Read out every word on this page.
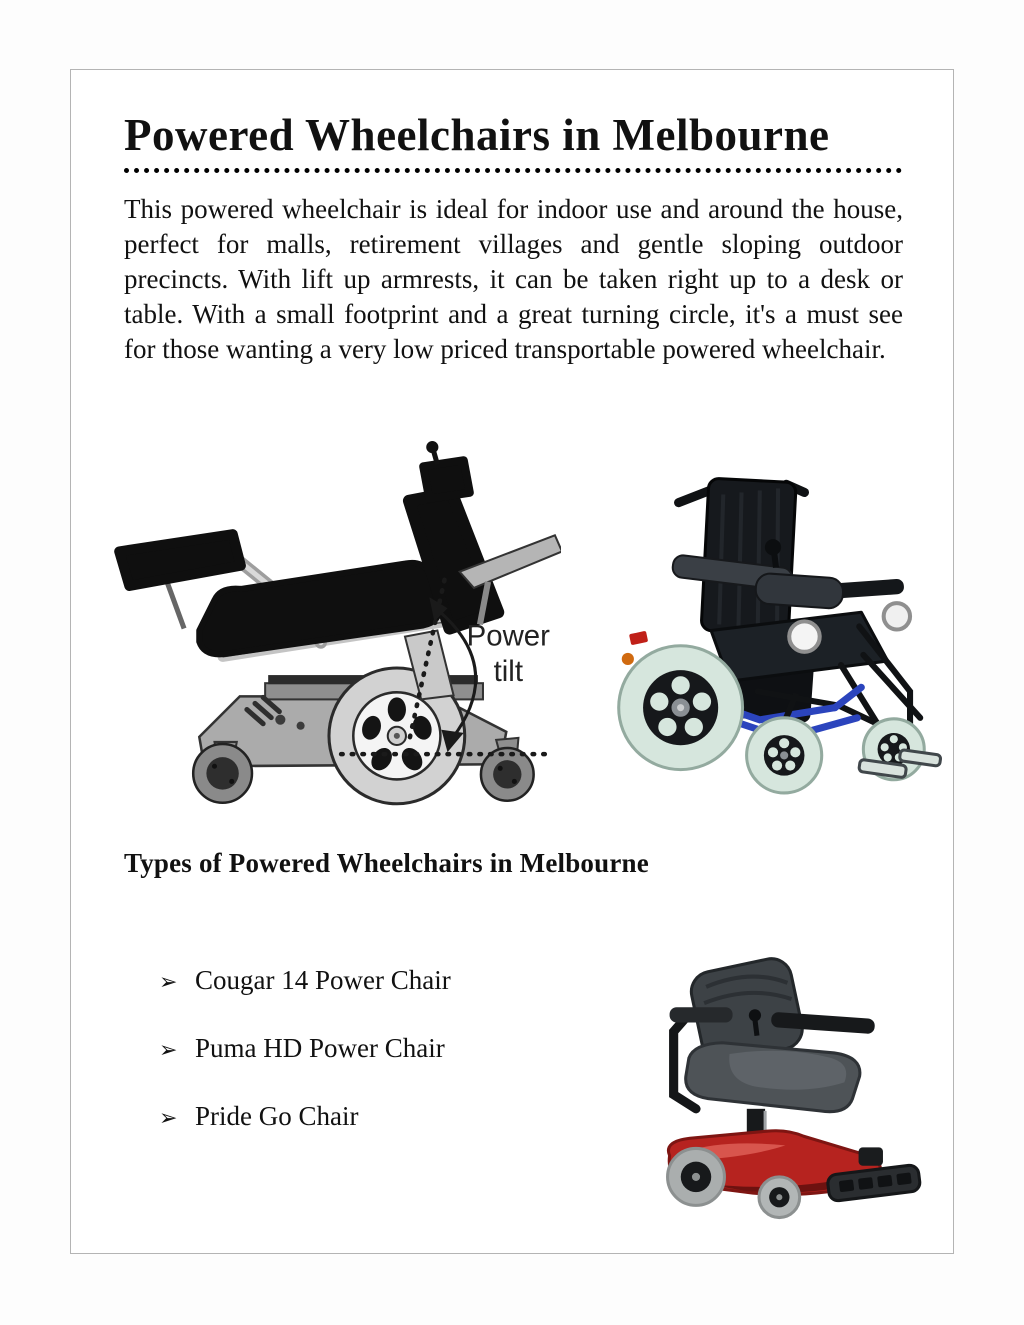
Powered Wheelchairs in Melbourne

This powered wheelchair is ideal for indoor use and around the house, perfect for malls, retirement villages and gentle sloping outdoor precincts. With lift up armrests, it can be taken right up to a desk or table. With a small footprint and a great turning circle, it's a must see for those wanting a very low priced transportable powered wheelchair.

Power
tilt
Types of Powered Wheelchairs in Melbourne
➢ Cougar 14 Power Chair
➢ Puma HD Power Chair
➢ Pride Go Chair
